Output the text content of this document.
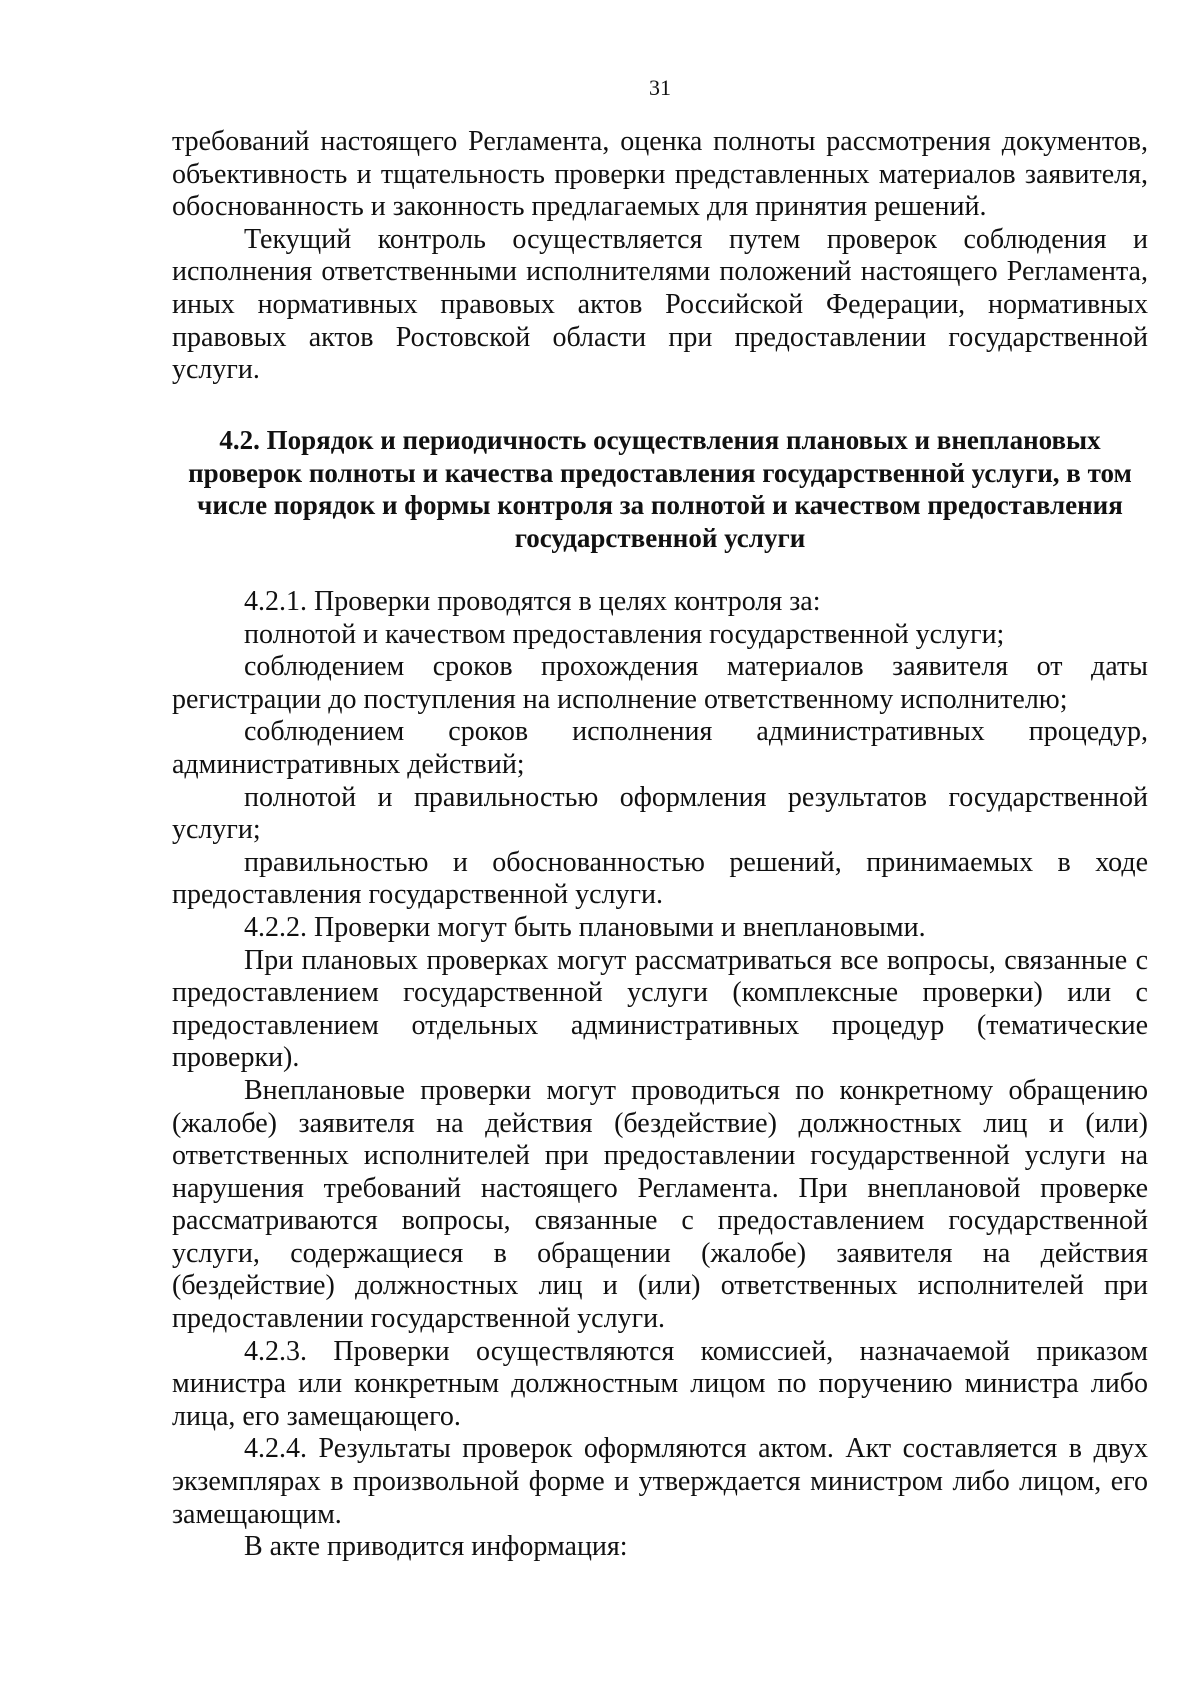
31

требований настоящего Регламента, оценка полноты рассмотрения документов, объективность и тщательность проверки представленных материалов заявителя, обоснованность и законность предлагаемых для принятия решений.

Текущий контроль осуществляется путем проверок соблюдения и исполнения ответственными исполнителями положений настоящего Регламента, иных нормативных правовых актов Российской Федерации, нормативных правовых актов Ростовской области при предоставлении государственной услуги.

4.2. Порядок и периодичность осуществления плановых и внеплановых проверок полноты и качества предоставления государственной услуги, в том числе порядок и формы контроля за полнотой и качеством предоставления государственной услуги

4.2.1. Проверки проводятся в целях контроля за:

полнотой и качеством предоставления государственной услуги;

соблюдением сроков прохождения материалов заявителя от даты регистрации до поступления на исполнение ответственному исполнителю;

соблюдением сроков исполнения административных процедур, административных действий;

полнотой и правильностью оформления результатов государственной услуги;

правильностью и обоснованностью решений, принимаемых в ходе предоставления государственной услуги.

4.2.2. Проверки могут быть плановыми и внеплановыми.

При плановых проверках могут рассматриваться все вопросы, связанные с предоставлением государственной услуги (комплексные проверки) или с предоставлением отдельных административных процедур (тематические проверки).

Внеплановые проверки могут проводиться по конкретному обращению (жалобе) заявителя на действия (бездействие) должностных лиц и (или) ответственных исполнителей при предоставлении государственной услуги на нарушения требований настоящего Регламента. При внеплановой проверке рассматриваются вопросы, связанные с предоставлением государственной услуги, содержащиеся в обращении (жалобе) заявителя на действия (бездействие) должностных лиц и (или) ответственных исполнителей при предоставлении государственной услуги.

4.2.3. Проверки осуществляются комиссией, назначаемой приказом министра или конкретным должностным лицом по поручению министра либо лица, его замещающего.

4.2.4. Результаты проверок оформляются актом. Акт составляется в двух экземплярах в произвольной форме и утверждается министром либо лицом, его замещающим.

В акте приводится информация:
